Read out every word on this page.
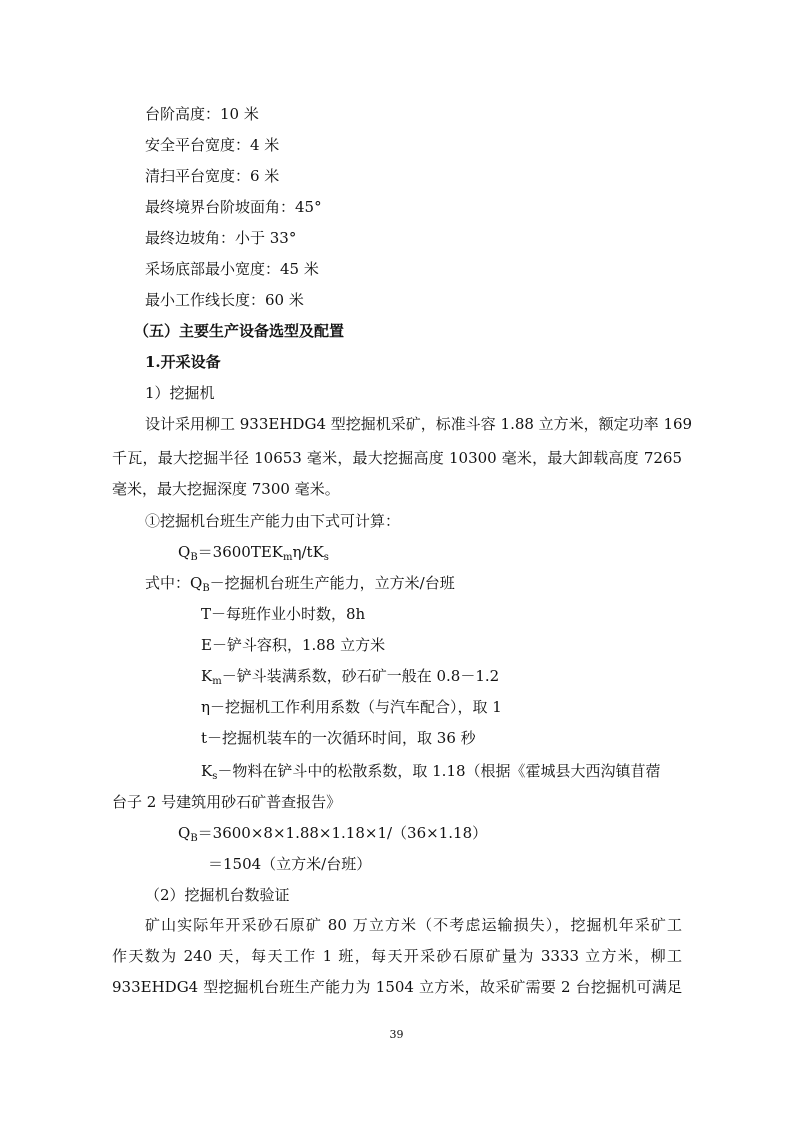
台阶高度：10 米
安全平台宽度：4 米
清扫平台宽度：6 米
最终境界台阶坡面角：45°
最终边坡角：小于 33°
采场底部最小宽度：45 米
最小工作线长度：60 米
（五）主要生产设备选型及配置
1.开采设备
1）挖掘机
设计采用柳工 933EHDG4 型挖掘机采矿，标准斗容 1.88 立方米，额定功率 169
千瓦，最大挖掘半径 10653 毫米，最大挖掘高度 10300 毫米，最大卸载高度 7265
毫米，最大挖掘深度 7300 毫米。
①挖掘机台班生产能力由下式可计算：
$Q_B=3600TEK_m\eta/tK_s$
式中：$Q_B-$挖掘机台班生产能力，立方米/台班
T－每班作业小时数，8h
E－铲斗容积，1.88 立方米
$K_m-$铲斗装满系数，砂石矿一般在 0.8－1.2
η－挖掘机工作利用系数（与汽车配合），取 1
t－挖掘机装车的一次循环时间，取 36 秒
$K_s-$物料在铲斗中的松散系数，取 1.18（根据《霍城县大西沟镇苜蓿
台子 2 号建筑用砂石矿普查报告》
$Q_B=3600\times 8\times 1.88\times 1.18\times 1/(36\times 1.18)$
＝1504（立方米/台班）
（2）挖掘机台数验证
矿山实际年开采砂石原矿 80 万立方米（不考虑运输损失），挖掘机年采矿工
作天数为 240 天，每天工作 1 班，每天开采砂石原矿量为 3333 立方米，柳工
933EHDG4 型挖掘机台班生产能力为 1504 立方米，故采矿需要 2 台挖掘机可满足
39
